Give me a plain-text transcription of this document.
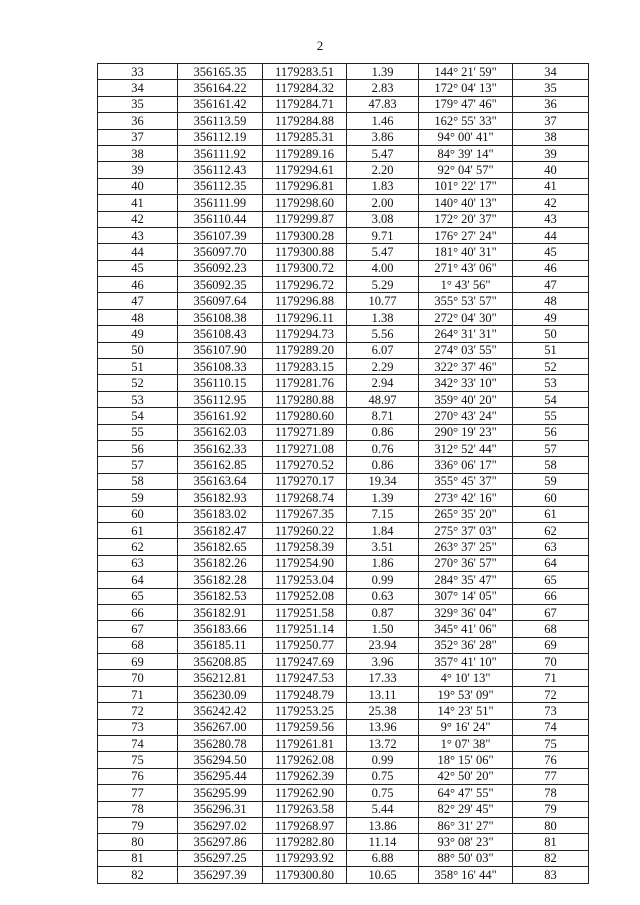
2
33	356165.35	1179283.51	1.39	144° 21' 59"	34
34	356164.22	1179284.32	2.83	172° 04' 13"	35
35	356161.42	1179284.71	47.83	179° 47' 46"	36
36	356113.59	1179284.88	1.46	162° 55' 33"	37
37	356112.19	1179285.31	3.86	94° 00' 41"	38
38	356111.92	1179289.16	5.47	84° 39' 14"	39
39	356112.43	1179294.61	2.20	92° 04' 57"	40
40	356112.35	1179296.81	1.83	101° 22' 17"	41
41	356111.99	1179298.60	2.00	140° 40' 13"	42
42	356110.44	1179299.87	3.08	172° 20' 37"	43
43	356107.39	1179300.28	9.71	176° 27' 24"	44
44	356097.70	1179300.88	5.47	181° 40' 31"	45
45	356092.23	1179300.72	4.00	271° 43' 06"	46
46	356092.35	1179296.72	5.29	1° 43' 56"	47
47	356097.64	1179296.88	10.77	355° 53' 57"	48
48	356108.38	1179296.11	1.38	272° 04' 30"	49
49	356108.43	1179294.73	5.56	264° 31' 31"	50
50	356107.90	1179289.20	6.07	274° 03' 55"	51
51	356108.33	1179283.15	2.29	322° 37' 46"	52
52	356110.15	1179281.76	2.94	342° 33' 10"	53
53	356112.95	1179280.88	48.97	359° 40' 20"	54
54	356161.92	1179280.60	8.71	270° 43' 24"	55
55	356162.03	1179271.89	0.86	290° 19' 23"	56
56	356162.33	1179271.08	0.76	312° 52' 44"	57
57	356162.85	1179270.52	0.86	336° 06' 17"	58
58	356163.64	1179270.17	19.34	355° 45' 37"	59
59	356182.93	1179268.74	1.39	273° 42' 16"	60
60	356183.02	1179267.35	7.15	265° 35' 20"	61
61	356182.47	1179260.22	1.84	275° 37' 03"	62
62	356182.65	1179258.39	3.51	263° 37' 25"	63
63	356182.26	1179254.90	1.86	270° 36' 57"	64
64	356182.28	1179253.04	0.99	284° 35' 47"	65
65	356182.53	1179252.08	0.63	307° 14' 05"	66
66	356182.91	1179251.58	0.87	329° 36' 04"	67
67	356183.66	1179251.14	1.50	345° 41' 06"	68
68	356185.11	1179250.77	23.94	352° 36' 28"	69
69	356208.85	1179247.69	3.96	357° 41' 10"	70
70	356212.81	1179247.53	17.33	4° 10' 13"	71
71	356230.09	1179248.79	13.11	19° 53' 09"	72
72	356242.42	1179253.25	25.38	14° 23' 51"	73
73	356267.00	1179259.56	13.96	9° 16' 24"	74
74	356280.78	1179261.81	13.72	1° 07' 38"	75
75	356294.50	1179262.08	0.99	18° 15' 06"	76
76	356295.44	1179262.39	0.75	42° 50' 20"	77
77	356295.99	1179262.90	0.75	64° 47' 55"	78
78	356296.31	1179263.58	5.44	82° 29' 45"	79
79	356297.02	1179268.97	13.86	86° 31' 27"	80
80	356297.86	1179282.80	11.14	93° 08' 23"	81
81	356297.25	1179293.92	6.88	88° 50' 03"	82
82	356297.39	1179300.80	10.65	358° 16' 44"	83
